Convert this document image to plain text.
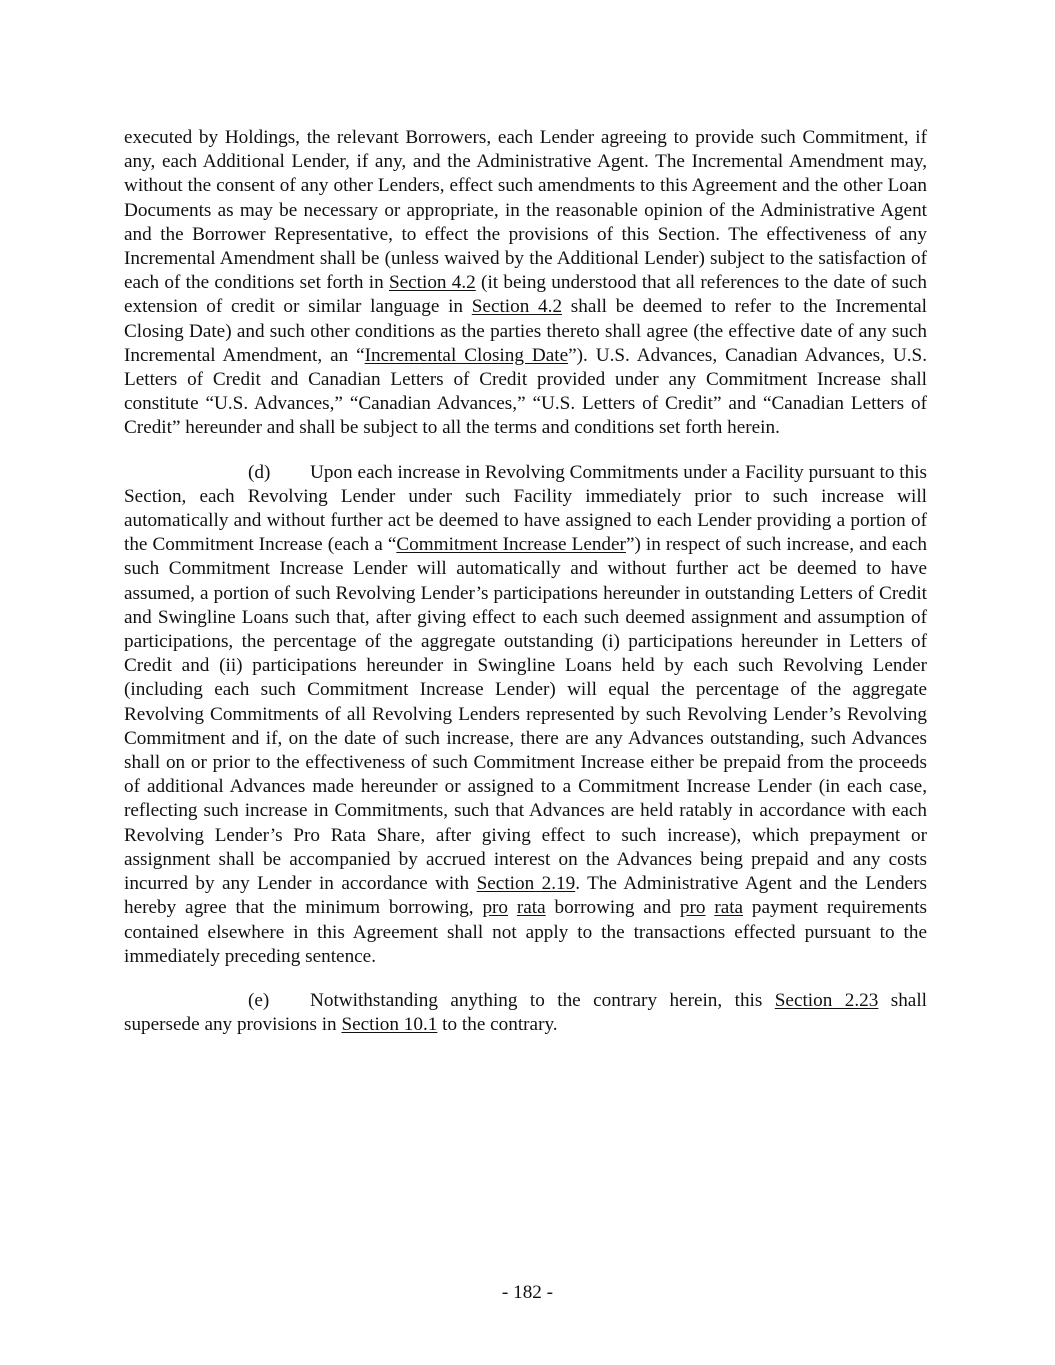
executed by Holdings, the relevant Borrowers, each Lender agreeing to provide such Commitment, if any, each Additional Lender, if any, and the Administrative Agent. The Incremental Amendment may, without the consent of any other Lenders, effect such amendments to this Agreement and the other Loan Documents as may be necessary or appropriate, in the reasonable opinion of the Administrative Agent and the Borrower Representative, to effect the provisions of this Section. The effectiveness of any Incremental Amendment shall be (unless waived by the Additional Lender) subject to the satisfaction of each of the conditions set forth in Section 4.2 (it being understood that all references to the date of such extension of credit or similar language in Section 4.2 shall be deemed to refer to the Incremental Closing Date) and such other conditions as the parties thereto shall agree (the effective date of any such Incremental Amendment, an “Incremental Closing Date”). U.S. Advances, Canadian Advances, U.S. Letters of Credit and Canadian Letters of Credit provided under any Commitment Increase shall constitute “U.S. Advances,” “Canadian Advances,” “U.S. Letters of Credit” and “Canadian Letters of Credit” hereunder and shall be subject to all the terms and conditions set forth herein.

(d) Upon each increase in Revolving Commitments under a Facility pursuant to this Section, each Revolving Lender under such Facility immediately prior to such increase will automatically and without further act be deemed to have assigned to each Lender providing a portion of the Commitment Increase (each a “Commitment Increase Lender”) in respect of such increase, and each such Commitment Increase Lender will automatically and without further act be deemed to have assumed, a portion of such Revolving Lender’s participations hereunder in outstanding Letters of Credit and Swingline Loans such that, after giving effect to each such deemed assignment and assumption of participations, the percentage of the aggregate outstanding (i) participations hereunder in Letters of Credit and (ii) participations hereunder in Swingline Loans held by each such Revolving Lender (including each such Commitment Increase Lender) will equal the percentage of the aggregate Revolving Commitments of all Revolving Lenders represented by such Revolving Lender’s Revolving Commitment and if, on the date of such increase, there are any Advances outstanding, such Advances shall on or prior to the effectiveness of such Commitment Increase either be prepaid from the proceeds of additional Advances made hereunder or assigned to a Commitment Increase Lender (in each case, reflecting such increase in Commitments, such that Advances are held ratably in accordance with each Revolving Lender’s Pro Rata Share, after giving effect to such increase), which prepayment or assignment shall be accompanied by accrued interest on the Advances being prepaid and any costs incurred by any Lender in accordance with Section 2.19. The Administrative Agent and the Lenders hereby agree that the minimum borrowing, pro rata borrowing and pro rata payment requirements contained elsewhere in this Agreement shall not apply to the transactions effected pursuant to the immediately preceding sentence.

(e) Notwithstanding anything to the contrary herein, this Section 2.23 shall supersede any provisions in Section 10.1 to the contrary.

- 182 -
